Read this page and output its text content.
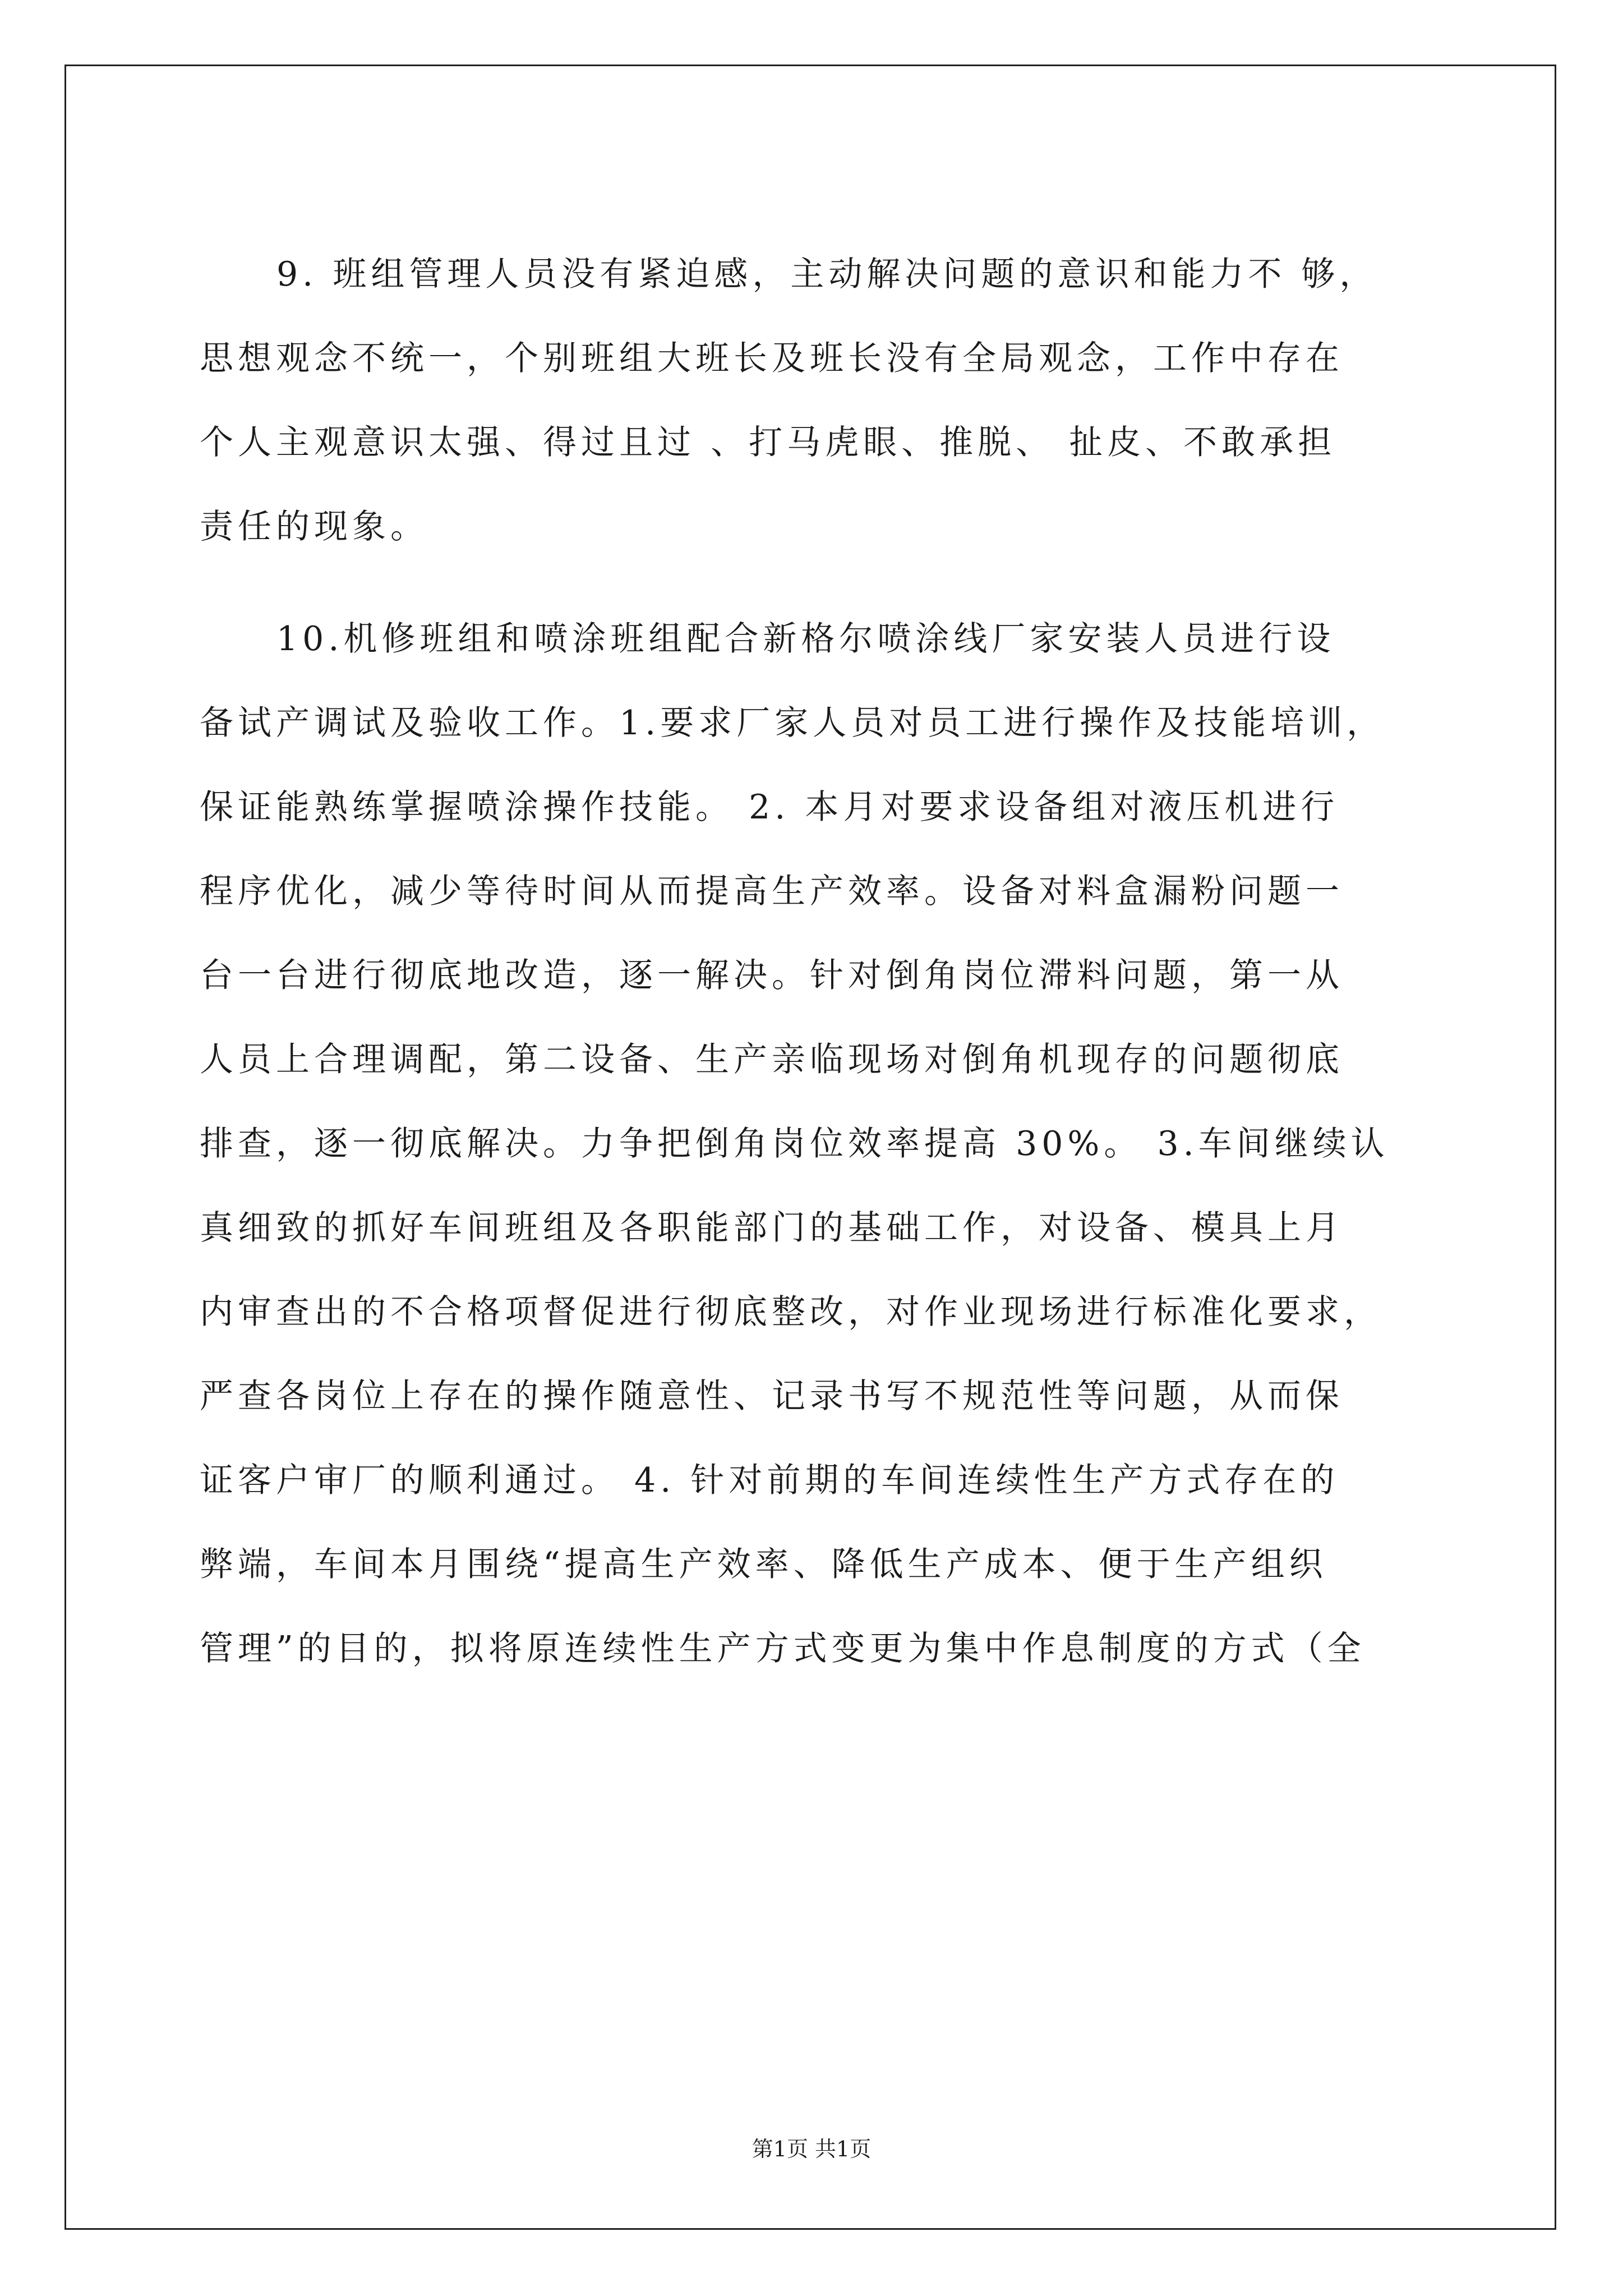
9. 班组管理人员没有紧迫感，主动解决问题的意识和能力不 够，
思想观念不统一，个别班组大班长及班长没有全局观念，工作中存在
个人主观意识太强、得过且过 、打马虎眼、推脱、 扯皮、不敢承担
责任的现象。
10.机修班组和喷涂班组配合新格尔喷涂线厂家安装人员进行设
备试产调试及验收工作。1.要求厂家人员对员工进行操作及技能培训，
保证能熟练掌握喷涂操作技能。 2. 本月对要求设备组对液压机进行
程序优化，减少等待时间从而提高生产效率。设备对料盒漏粉问题一
台一台进行彻底地改造，逐一解决。针对倒角岗位滞料问题，第一从
人员上合理调配，第二设备、生产亲临现场对倒角机现存的问题彻底
排查，逐一彻底解决。力争把倒角岗位效率提高 30%。 3.车间继续认
真细致的抓好车间班组及各职能部门的基础工作，对设备、模具上月
内审查出的不合格项督促进行彻底整改，对作业现场进行标准化要求，
严查各岗位上存在的操作随意性、记录书写不规范性等问题，从而保
证客户审厂的顺利通过。 4. 针对前期的车间连续性生产方式存在的
弊端，车间本月围绕“提高生产效率、降低生产成本、便于生产组织
管理”的目的，拟将原连续性生产方式变更为集中作息制度的方式（全
第1页 共1页
